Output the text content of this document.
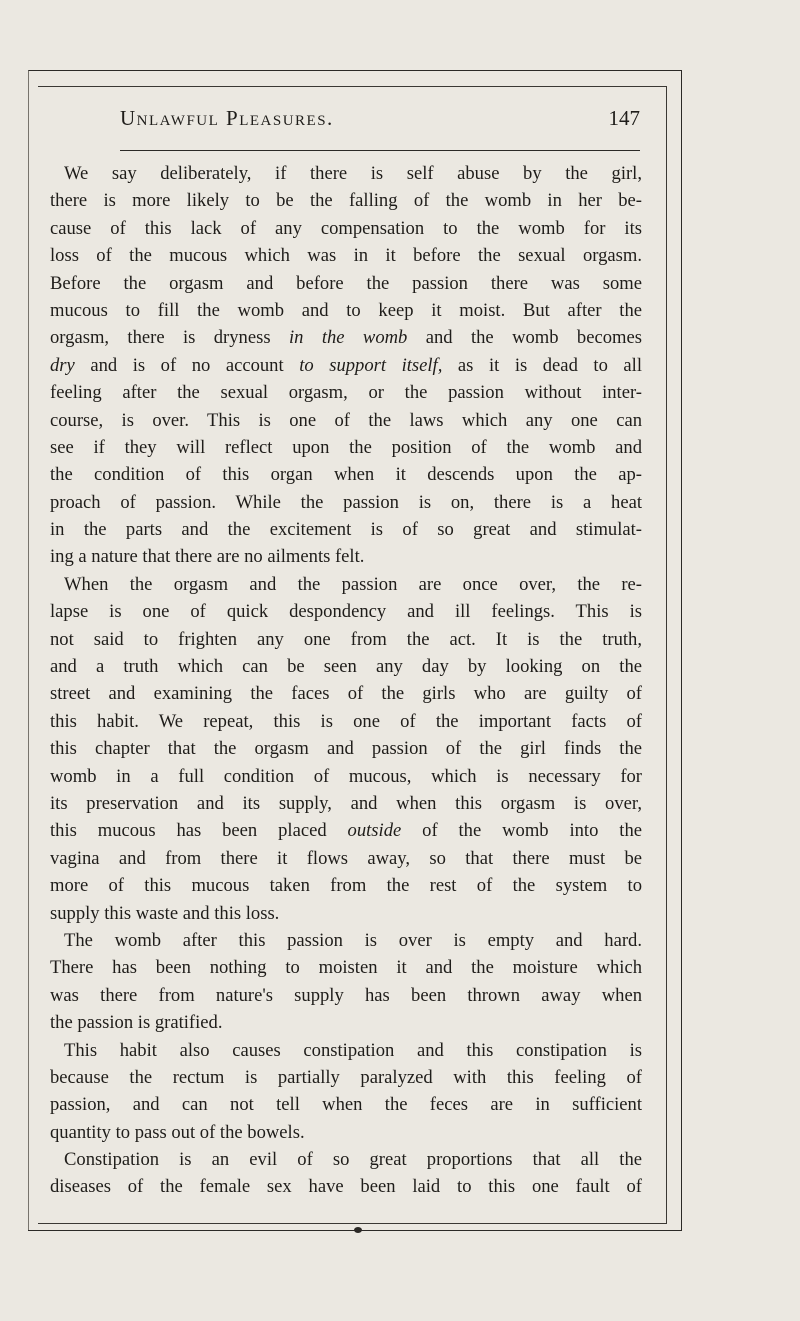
Unlawful Pleasures.	147
We say deliberately, if there is self abuse by the girl,
there is more likely to be the falling of the womb in her be-
cause of this lack of any compensation to the womb for its
loss of the mucous which was in it before the sexual orgasm.
Before the orgasm and before the passion there was some
mucous to fill the womb and to keep it moist. But after the
orgasm, there is dryness in the womb and the womb becomes
dry and is of no account to support itself, as it is dead to all
feeling after the sexual orgasm, or the passion without inter-
course, is over. This is one of the laws which any one can
see if they will reflect upon the position of the womb and
the condition of this organ when it descends upon the ap-
proach of passion. While the passion is on, there is a heat
in the parts and the excitement is of so great and stimulat-
ing a nature that there are no ailments felt.
When the orgasm and the passion are once over, the re-
lapse is one of quick despondency and ill feelings. This is
not said to frighten any one from the act. It is the truth,
and a truth which can be seen any day by looking on the
street and examining the faces of the girls who are guilty of
this habit. We repeat, this is one of the important facts of
this chapter that the orgasm and passion of the girl finds the
womb in a full condition of mucous, which is necessary for
its preservation and its supply, and when this orgasm is over,
this mucous has been placed outside of the womb into the
vagina and from there it flows away, so that there must be
more of this mucous taken from the rest of the system to
supply this waste and this loss.
The womb after this passion is over is empty and hard.
There has been nothing to moisten it and the moisture which
was there from nature's supply has been thrown away when
the passion is gratified.
This habit also causes constipation and this constipation is
because the rectum is partially paralyzed with this feeling of
passion, and can not tell when the feces are in sufficient
quantity to pass out of the bowels.
Constipation is an evil of so great proportions that all the
diseases of the female sex have been laid to this one fault of
